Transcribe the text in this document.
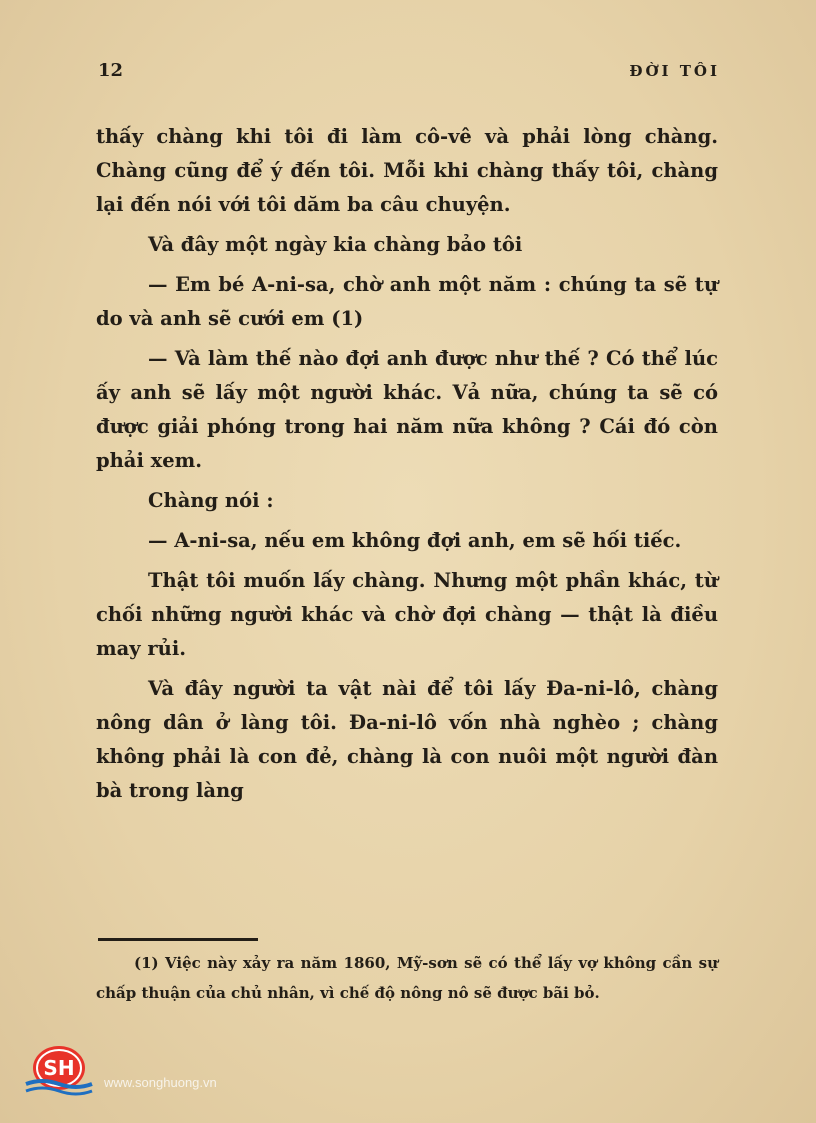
12	ĐỜI TÔI

thấy chàng khi tôi đi làm cô-vê và phải lòng chàng. Chàng cũng để ý đến tôi. Mỗi khi chàng thấy tôi, chàng lại đến nói với tôi dăm ba câu chuyện.

Và đây một ngày kia chàng bảo tôi

— Em bé A-ni-sa, chờ anh một năm : chúng ta sẽ tự do và anh sẽ cưới em (1)

— Và làm thế nào đợi anh được như thế ? Có thể lúc ấy anh sẽ lấy một người khác. Vả nữa, chúng ta sẽ có được giải phóng trong hai năm nữa không ? Cái đó còn phải xem.

Chàng nói :

— A-ni-sa, nếu em không đợi anh, em sẽ hối tiếc.

Thật tôi muốn lấy chàng. Nhưng một phần khác, từ chối những người khác và chờ đợi chàng — thật là điều may rủi.

Và đây người ta vật nài để tôi lấy Đa-ni-lô, chàng nông dân ở làng tôi. Đa-ni-lô vốn nhà nghèo ; chàng không phải là con đẻ, chàng là con nuôi một người đàn bà trong làng

(1) Việc này xảy ra năm 1860, Mỹ-sơn sẽ có thể lấy vợ không cần sự chấp thuận của chủ nhân, vì chế độ nông nô sẽ được bãi bỏ.

SH
www.songhuong.vn
